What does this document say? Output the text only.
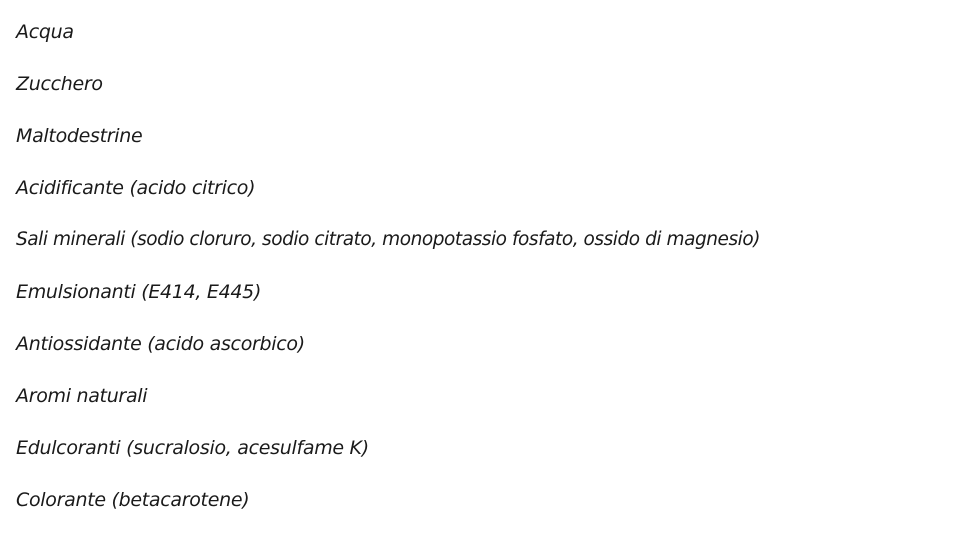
Acqua
Zucchero
Maltodestrine
Acidificante (acido citrico)
Sali minerali (sodio cloruro, sodio citrato, monopotassio fosfato, ossido di magnesio)
Emulsionanti (E414, E445)
Antiossidante (acido ascorbico)
Aromi naturali
Edulcoranti (sucralosio, acesulfame K)
Colorante (betacarotene)
